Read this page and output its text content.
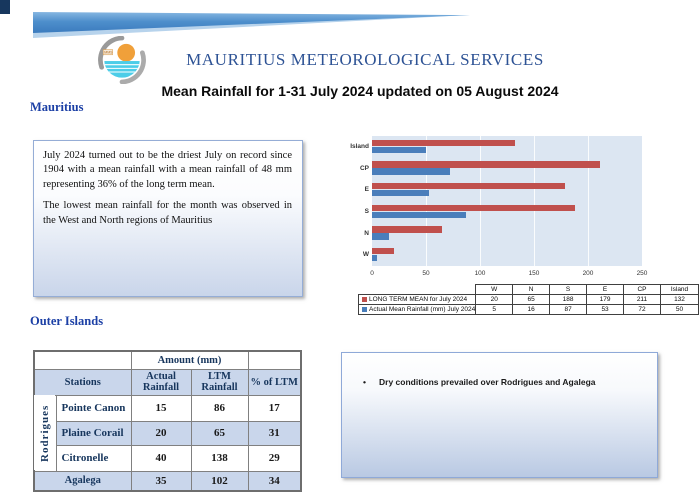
MMS	MAURITIUS METEOROLOGICAL SERVICES
Mean Rainfall for 1-31 July 2024 updated on 05 August 2024
Mauritius

July 2024 turned out to be the driest July on record since 1904 with a mean rainfall with a mean rainfall of 48 mm representing 36% of the long term mean.

The lowest mean rainfall for the month was observed in the West and North regions of Mauritius

Island
CP
E
S
N
W
0	50	100	150	200	250
	W	N	S	E	CP	Island
LONG TERM MEAN for July 2024	20	65	188	179	211	132
Actual Mean Rainfall (mm) July 2024	5	16	87	53	72	50
Outer Islands
		Amount (mm)		
Stations		Actual Rainfall	LTM Rainfall	% of LTM
Rodrigues	Pointe Canon	15	86	17
	Plaine Corail	20	65	31
	Citronelle	40	138	29
Agalega		35	102	34
•	Dry conditions prevailed over Rodrigues and Agalega
